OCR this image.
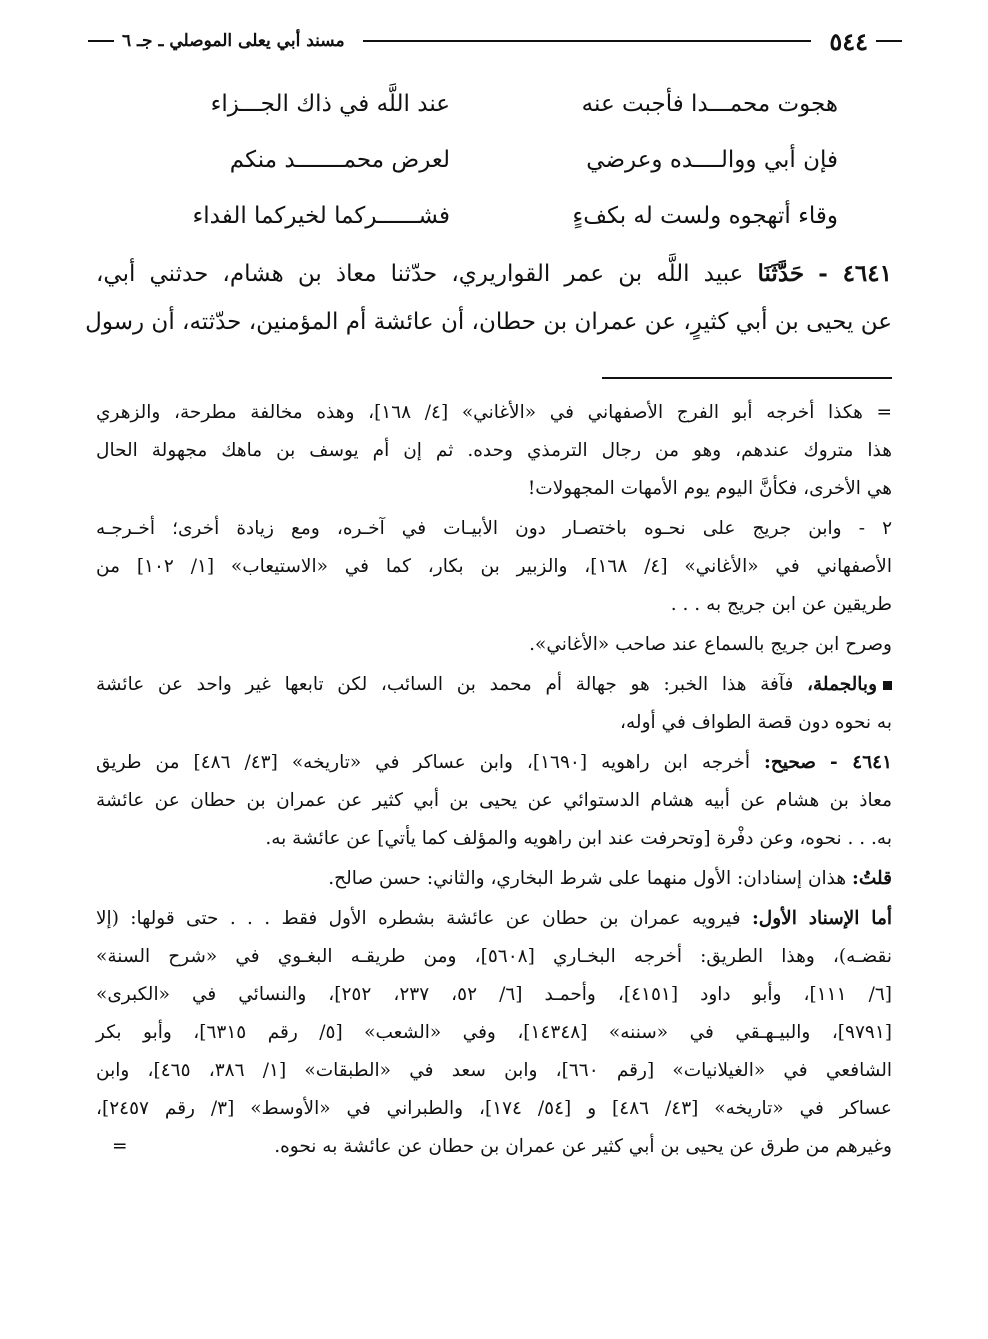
٥٤٤
مسند أبي يعلى الموصلي ـ جـ ٦
هجوت محمـــدا فأجبت عنه
عند اللَّه في ذاك الجـــزاء
فإن أبي ووالــــده وعرضي
لعرض محمـــــــد منكم
وقاء أتهجوه ولست له بكفءٍ
فشــــــركما لخيركما الفداء
٤٦٤١ - حَدَّثَنَا عبيد اللَّه بن عمر القواريري، حدّثنا معاذ بن هشام، حدثني أبي،
عن يحيى بن أبي كثيرٍ، عن عمران بن حطان، أن عائشة أم المؤمنين، حدّثته، أن رسول
= هكذا أخرجه أبو الفرج الأصفهاني في «الأغاني» [٤/ ١٦٨]، وهذه مخالفة مطرحة، والزهري
هذا متروك عندهم، وهو من رجال الترمذي وحده. ثم إن أم يوسف بن ماهك مجهولة الحال
هي الأخرى، فكأنَّ اليوم يوم الأمهات المجهولات!
٢ - وابن جريج على نحـوه باختصـار دون الأبيـات في آخـره، ومع زيادة أخرى؛ أخـرجـه
الأصفهاني في «الأغاني» [٤/ ١٦٨]، والزبير بن بكار، كما في «الاستيعاب» [١/ ١٠٢] من
طريقين عن ابن جريج به . . .
وصرح ابن جريج بالسماع عند صاحب «الأغاني».
وبالجملة، فآفة هذا الخبر: هو جهالة أم محمد بن السائب، لكن تابعها غير واحد عن عائشة
به نحوه دون قصة الطواف في أوله،
٤٦٤١ - صحيح: أخرجه ابن راهويه [١٦٩٠]، وابن عساكر في «تاريخه» [٤٣/ ٤٨٦] من طريق
معاذ بن هشام عن أبيه هشام الدستوائي عن يحيى بن أبي كثير عن عمران بن حطان عن عائشة
به. . . نحوه، وعن دفْرة [وتحرفت عند ابن راهويه والمؤلف كما يأتي] عن عائشة به.
قلتُ: هذان إسنادان: الأول منهما على شرط البخاري، والثاني: حسن صالح.
أما الإسناد الأول: فيرويه عمران بن حطان عن عائشة بشطره الأول فقط . . . حتى قولها: (إلا
نقضـه)، وهذا الطريق: أخرجه البخـاري [٥٦٠٨]، ومن طريقـه البغـوي في «شرح السنة»
[٦/ ١١١]، وأبو داود [٤١٥١]، وأحمـد [٦/ ٥٢، ٢٣٧، ٢٥٢]، والنسائي في «الكبرى»
[٩٧٩١]، والبيـهـقي في «سننه» [١٤٣٤٨]، وفي «الشعب» [٥/ رقم ٦٣١٥]، وأبو بكر
الشافعي في «الغيلانيات» [رقم ٦٦٠]، وابن سعد في «الطبقات» [١/ ٣٨٦، ٤٦٥]، وابن
عساكر في «تاريخه» [٤٣/ ٤٨٦] و [٥٤/ ١٧٤]، والطبراني في «الأوسط» [٣/ رقم ٢٤٥٧]،
وغيرهم من طرق عن يحيى بن أبي كثير عن عمران بن حطان عن عائشة به نحوه.
=
